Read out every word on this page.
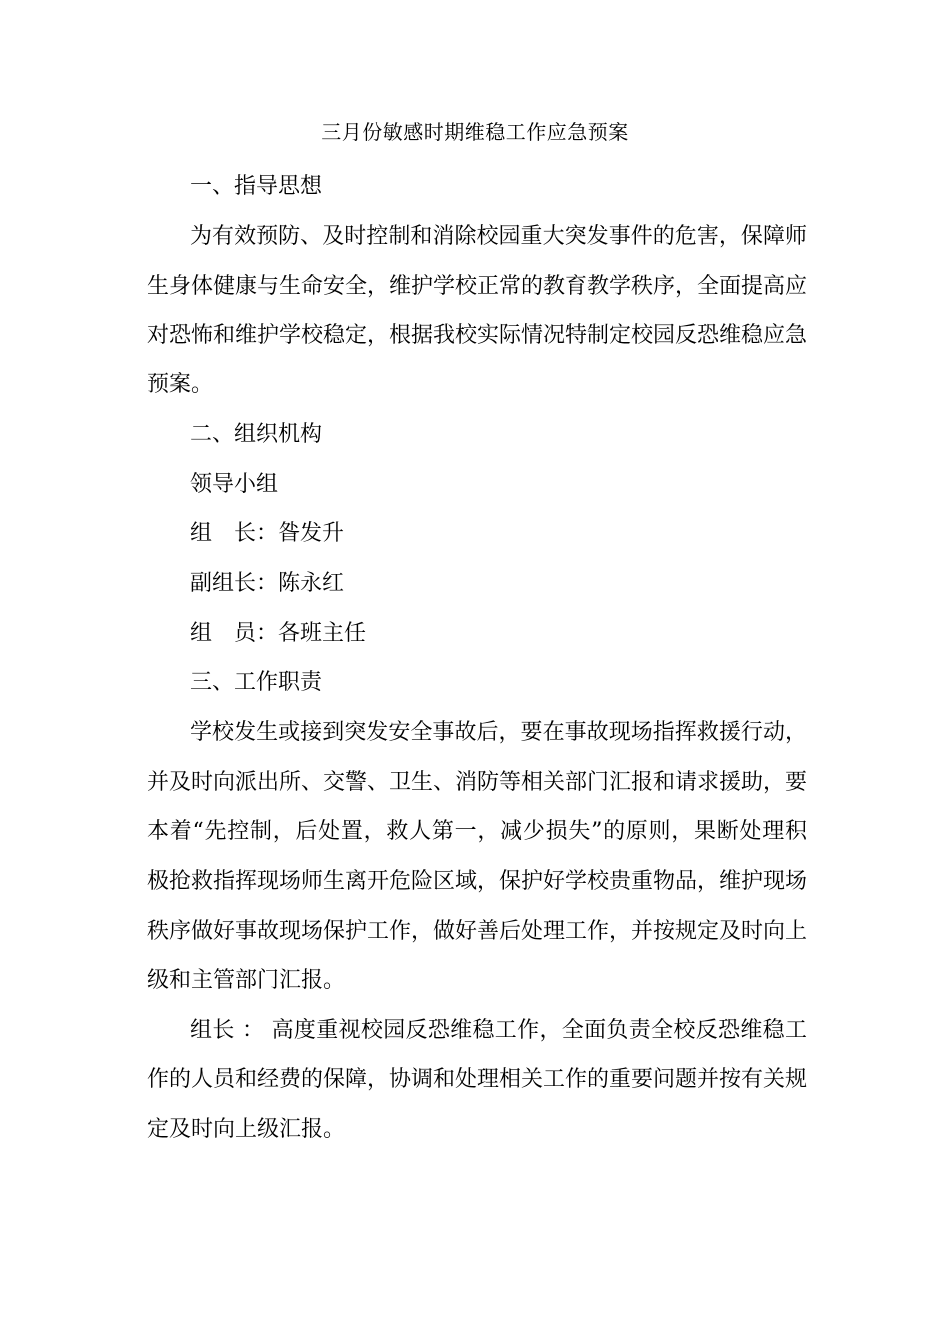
三月份敏感时期维稳工作应急预案
一、指导思想
为有效预防、及时控制和消除校园重大突发事件的危害，保障师
生身体健康与生命安全，维护学校正常的教育教学秩序，全面提高应
对恐怖和维护学校稳定，根据我校实际情况特制定校园反恐维稳应急
预案。
二、组织机构
领导小组
组　长：昝发升
副组长：陈永红
组　员：各班主任
三、工作职责
学校发生或接到突发安全事故后，要在事故现场指挥救援行动，
并及时向派出所、交警、卫生、消防等相关部门汇报和请求援助，要
本着“先控制，后处置，救人第一，减少损失”的原则，果断处理积
极抢救指挥现场师生离开危险区域，保护好学校贵重物品，维护现场
秩序做好事故现场保护工作，做好善后处理工作，并按规定及时向上
级和主管部门汇报。
组长 ： 高度重视校园反恐维稳工作，全面负责全校反恐维稳工
作的人员和经费的保障，协调和处理相关工作的重要问题并按有关规
定及时向上级汇报。
